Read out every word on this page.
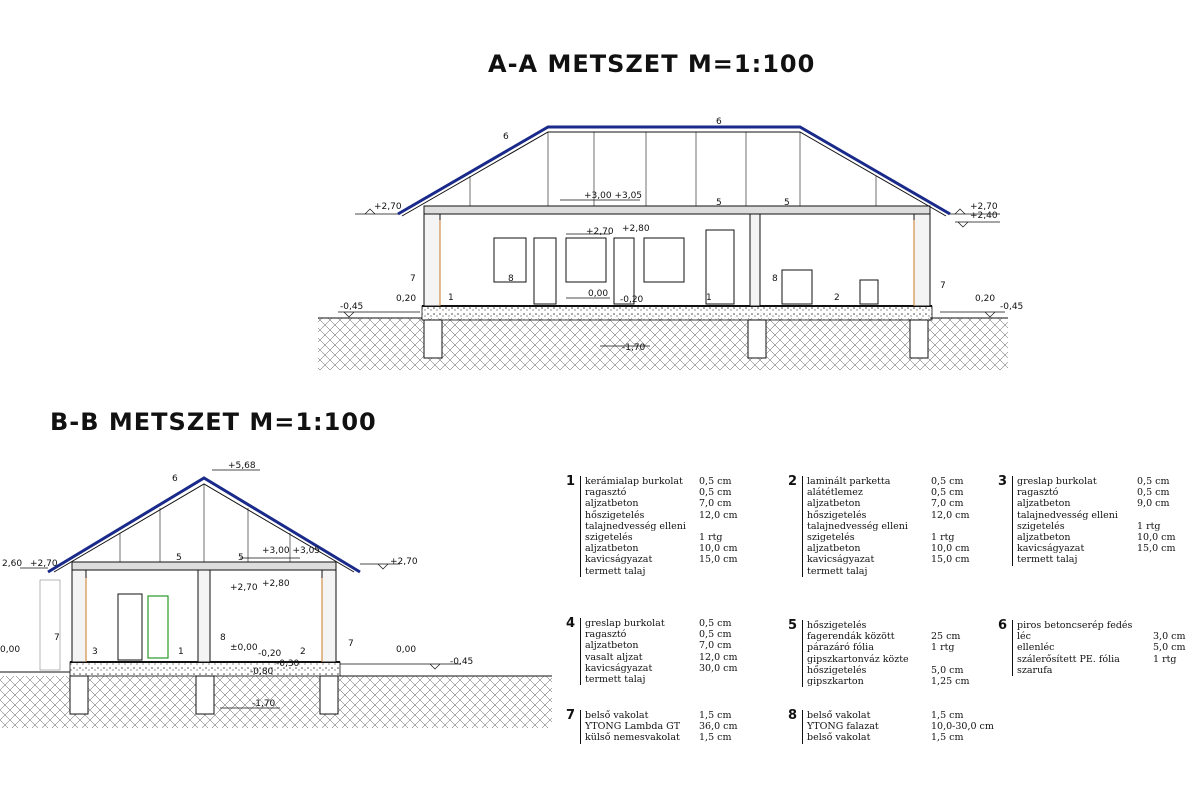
A-A METSZET M=1:100
B-B METSZET M=1:100
+2,70
-0,45
0,20
+3,00 +3,05
+2,70 +2,80
0,00
-0,20
-1,70
+2,70
+2,40
0,20
-0,45
6
6
5	5
7
7
8	8
1	1	2
+5,68
+2,70
2,60	+2,70
+3,00 +3,05
+2,70 +2,80
±0,00
-0,20
-0,30
-0,80
-1,70
0,00	0,00
-0,45
6
5	5
7
7
8
3	1	2
1 kerámialap burkolat	0,5 cm
ragasztó	0,5 cm
aljzatbeton	7,0 cm
hőszigetelés	12,0 cm
talajnedvesség elleni
szigetelés	1 rtg
aljzatbeton	10,0 cm
kavicságyazat	15,0 cm
termett talaj
2 laminált parketta	0,5 cm
alátétlemez	0,5 cm
aljzatbeton	7,0 cm
hőszigetelés	12,0 cm
talajnedvesség elleni
szigetelés	1 rtg
aljzatbeton	10,0 cm
kavicságyazat	15,0 cm
termett talaj
3 greslap burkolat	0,5 cm
ragasztó	0,5 cm
aljzatbeton	9,0 cm
talajnedvesség elleni
szigetelés	1 rtg
aljzatbeton	10,0 cm
kavicságyazat	15,0 cm
termett talaj
4 greslap burkolat	0,5 cm
ragasztó	0,5 cm
aljzatbeton	7,0 cm
vasalt aljzat	12,0 cm
kavicságyazat	30,0 cm
termett talaj
5 hőszigetelés
fagerendák között	25 cm
párazáró fólia	1 rtg
gipszkartonváz közte
hőszigetelés	5,0 cm
gipszkarton	1,25 cm
6 piros betoncserép fedés
léc	3,0 cm
ellenléc	5,0 cm
szálerősített PE. fólia	1 rtg
szarufa
7 belső vakolat	1,5 cm
YTONG Lambda GT	36,0 cm
külső nemesvakolat	1,5 cm
8 belső vakolat	1,5 cm
YTONG falazat	10,0-30,0 cm
belső vakolat	1,5 cm
